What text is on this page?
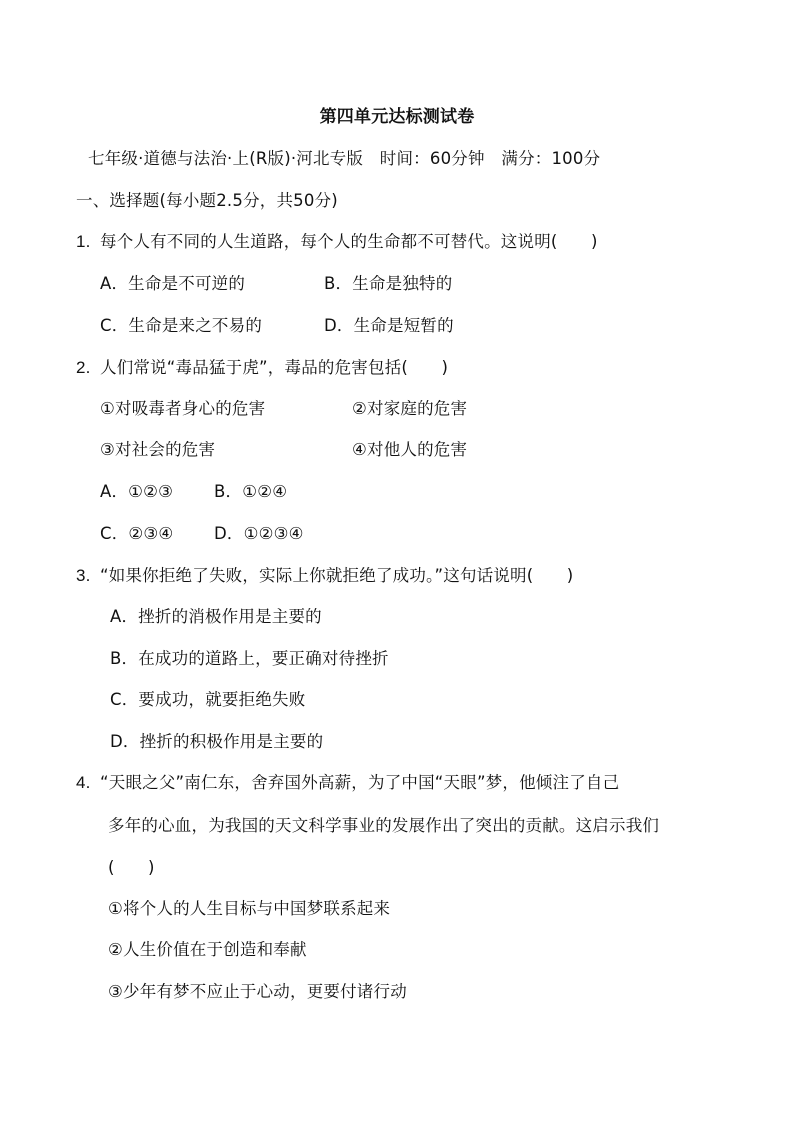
第四单元达标测试卷
七年级·道德与法治·上(R版)·河北专版　时间：60分钟　满分：100分
一、选择题(每小题2.5分，共50分)
1. 每个人有不同的人生道路，每个人的生命都不可替代。这说明(　　)
A．生命是不可逆的	B．生命是独特的
C．生命是来之不易的	D．生命是短暂的
2. 人们常说“毒品猛于虎”，毒品的危害包括(　　)
①对吸毒者身心的危害	②对家庭的危害
③对社会的危害	④对他人的危害
A．①②③ B．①②④
C．②③④ D．①②③④
3. “如果你拒绝了失败，实际上你就拒绝了成功。”这句话说明(　　)
A．挫折的消极作用是主要的
B．在成功的道路上，要正确对待挫折
C．要成功，就要拒绝失败
D．挫折的积极作用是主要的
4. “天眼之父”南仁东，舍弃国外高薪，为了中国“天眼”梦，他倾注了自己
多年的心血，为我国的天文科学事业的发展作出了突出的贡献。这启示我们
(　　)
①将个人的人生目标与中国梦联系起来
②人生价值在于创造和奉献
③少年有梦不应止于心动，更要付诸行动
